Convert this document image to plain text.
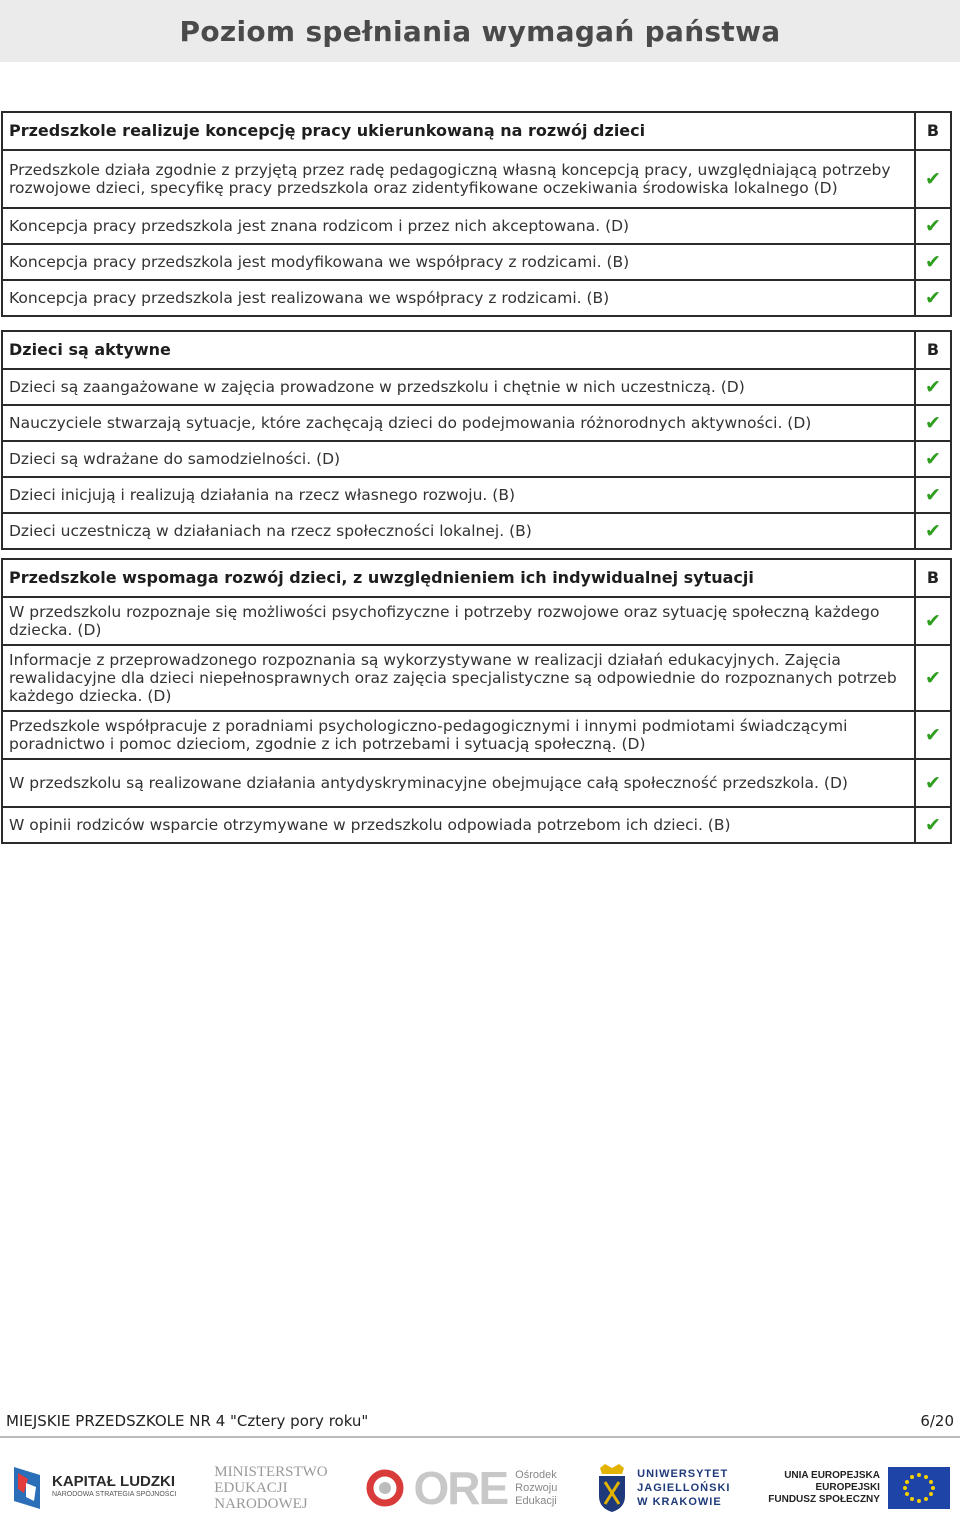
Poziom spełniania wymagań państwa
Przedszkole realizuje koncepcję pracy ukierunkowaną na rozwój dzieci	B
Przedszkole działa zgodnie z przyjętą przez radę pedagogiczną własną koncepcją pracy, uwzględniającą potrzeby rozwojowe dzieci, specyfikę pracy przedszkola oraz zidentyfikowane oczekiwania środowiska lokalnego (D)	✔
Koncepcja pracy przedszkola jest znana rodzicom i przez nich akceptowana. (D)	✔
Koncepcja pracy przedszkola jest modyfikowana we współpracy z rodzicami. (B)	✔
Koncepcja pracy przedszkola jest realizowana we współpracy z rodzicami. (B)	✔
Dzieci są aktywne	B
Dzieci są zaangażowane w zajęcia prowadzone w przedszkolu i chętnie w nich uczestniczą. (D)	✔
Nauczyciele stwarzają sytuacje, które zachęcają dzieci do podejmowania różnorodnych aktywności. (D)	✔
Dzieci są wdrażane do samodzielności. (D)	✔
Dzieci inicjują i realizują działania na rzecz własnego rozwoju. (B)	✔
Dzieci uczestniczą w działaniach na rzecz społeczności lokalnej. (B)	✔
Przedszkole wspomaga rozwój dzieci, z uwzględnieniem ich indywidualnej sytuacji	B
W przedszkolu rozpoznaje się możliwości psychofizyczne i potrzeby rozwojowe oraz sytuację społeczną każdego dziecka. (D)	✔
Informacje z przeprowadzonego rozpoznania są wykorzystywane w realizacji działań edukacyjnych. Zajęcia rewalidacyjne dla dzieci niepełnosprawnych oraz zajęcia specjalistyczne są odpowiednie do rozpoznanych potrzeb każdego dziecka. (D)	✔
Przedszkole współpracuje z poradniami psychologiczno-pedagogicznymi i innymi podmiotami świadczącymi poradnictwo i pomoc dzieciom, zgodnie z ich potrzebami i sytuacją społeczną. (D)	✔
W przedszkolu są realizowane działania antydyskryminacyjne obejmujące całą społeczność przedszkola. (D)	✔
W opinii rodziców wsparcie otrzymywane w przedszkolu odpowiada potrzebom ich dzieci. (B)	✔
MIEJSKIE PRZEDSZKOLE NR 4 "Cztery pory roku"	6/20
KAPITAŁ LUDZKI
NARODOWA STRATEGIA SPÓJNOŚCI
MINISTERSTWO
EDUKACJI
NARODOWEJ	ORE Ośrodek
Rozwoju
Edukacji
UNIWERSYTET
JAGIELLOŃSKI
W KRAKOWIE
UNIA EUROPEJSKA
EUROPEJSKI
FUNDUSZ SPOŁECZNY
